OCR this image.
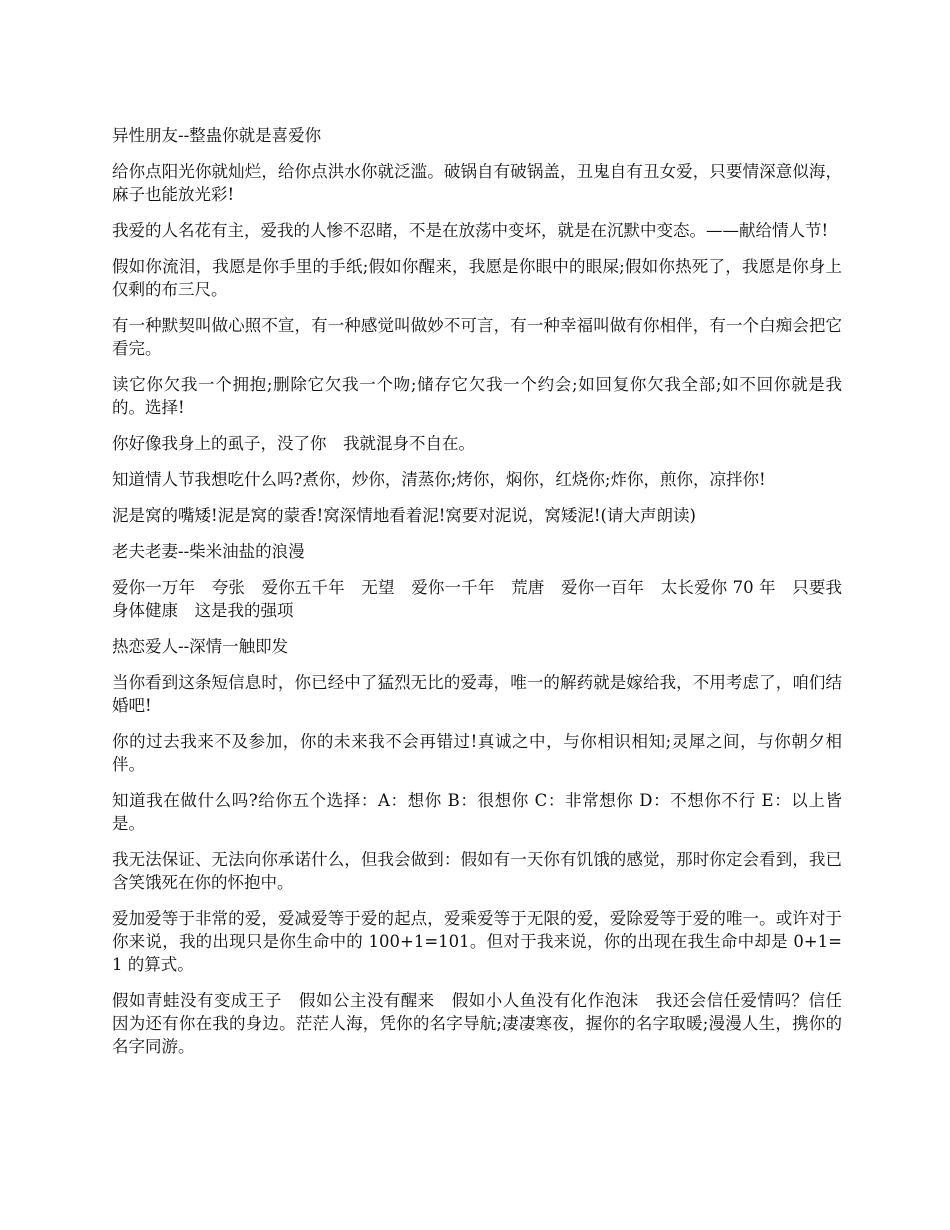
异性朋友--整蛊你就是喜爱你

给你点阳光你就灿烂，给你点洪水你就泛滥。破锅自有破锅盖，丑鬼自有丑女爱，只要情深意似海，麻子也能放光彩!

我爱的人名花有主，爱我的人惨不忍睹，不是在放荡中变坏，就是在沉默中变态。——献给情人节!

假如你流泪，我愿是你手里的手纸;假如你醒来，我愿是你眼中的眼屎;假如你热死了，我愿是你身上仅剩的布三尺。

有一种默契叫做心照不宣，有一种感觉叫做妙不可言，有一种幸福叫做有你相伴，有一个白痴会把它看完。

读它你欠我一个拥抱;删除它欠我一个吻;储存它欠我一个约会;如回复你欠我全部;如不回你就是我的。选择!

你好像我身上的虱子，没了你　我就混身不自在。

知道情人节我想吃什么吗?煮你，炒你，清蒸你;烤你，焖你，红烧你;炸你，煎你，凉拌你!

泥是窝的嘴矮!泥是窝的蒙香!窝深情地看着泥!窝要对泥说，窝矮泥!(请大声朗读)

老夫老妻--柴米油盐的浪漫

爱你一万年　夸张　爱你五千年　无望　爱你一千年　荒唐　爱你一百年　太长爱你 70 年　只要我身体健康　这是我的强项

热恋爱人--深情一触即发

当你看到这条短信息时，你已经中了猛烈无比的爱毒，唯一的解药就是嫁给我，不用考虑了，咱们结婚吧!

你的过去我来不及参加，你的未来我不会再错过!真诚之中，与你相识相知;灵犀之间，与你朝夕相伴。

知道我在做什么吗?给你五个选择：A：想你 B：很想你 C：非常想你 D：不想你不行 E：以上皆是。

我无法保证、无法向你承诺什么，但我会做到：假如有一天你有饥饿的感觉，那时你定会看到，我已含笑饿死在你的怀抱中。

爱加爱等于非常的爱，爱减爱等于爱的起点，爱乘爱等于无限的爱，爱除爱等于爱的唯一。或许对于你来说，我的出现只是你生命中的 100+1=101。但对于我来说，你的出现在我生命中却是 0+1=1 的算式。

假如青蛙没有变成王子　假如公主没有醒来　假如小人鱼没有化作泡沫　我还会信任爱情吗？信任　因为还有你在我的身边。茫茫人海，凭你的名字导航;凄凄寒夜，握你的名字取暖;漫漫人生，携你的名字同游。
